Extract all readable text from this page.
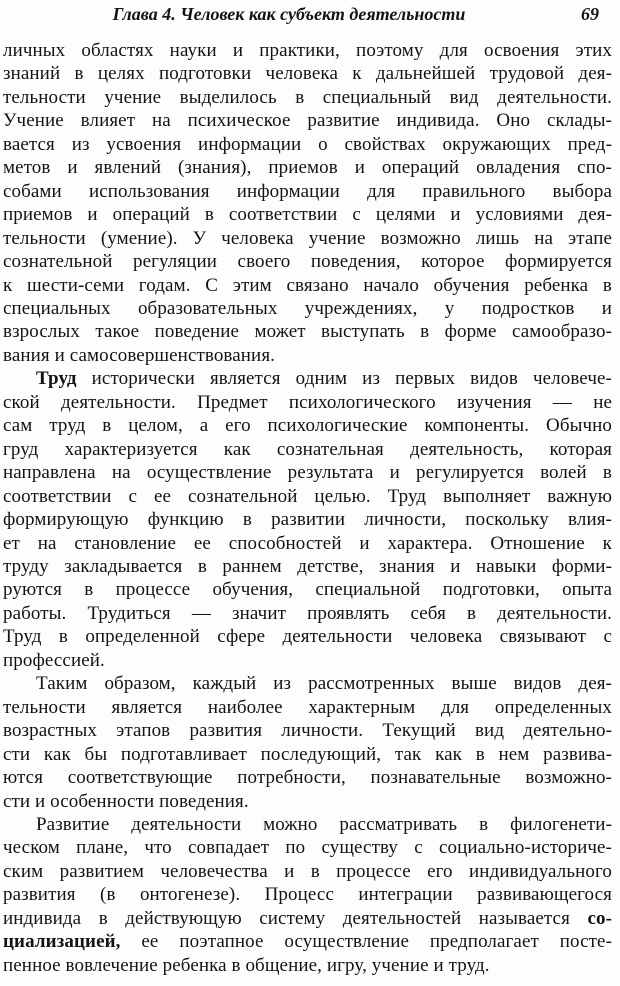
Глава 4. Человек как субъект деятельности	69
личных областях науки и практики, поэтому для освоения этих
знаний в целях подготовки человека к дальнейшей трудовой дея-
тельности учение выделилось в специальный вид деятельности.
Учение влияет на психическое развитие индивида. Оно склады-
вается из усвоения информации о свойствах окружающих пред-
метов и явлений (знания), приемов и операций овладения спо-
собами использования информации для правильного выбора
приемов и операций в соответствии с целями и условиями дея-
тельности (умение). У человека учение возможно лишь на этапе
сознательной регуляции своего поведения, которое формируется
к шести-семи годам. С этим связано начало обучения ребенка в
специальных образовательных учреждениях, у подростков и
взрослых такое поведение может выступать в форме самообразо-
вания и самосовершенствования.
Труд исторически является одним из первых видов человече-
ской деятельности. Предмет психологического изучения — не
сам труд в целом, а его психологические компоненты. Обычно
груд характеризуется как сознательная деятельность, которая
направлена на осуществление результата и регулируется волей в
соответствии с ее сознательной целью. Труд выполняет важную
формирующую функцию в развитии личности, поскольку влия-
ет на становление ее способностей и характера. Отношение к
труду закладывается в раннем детстве, знания и навыки форми-
руются в процессе обучения, специальной подготовки, опыта
работы. Трудиться — значит проявлять себя в деятельности.
Труд в определенной сфере деятельности человека связывают с
профессией.
Таким образом, каждый из рассмотренных выше видов дея-
тельности является наиболее характерным для определенных
возрастных этапов развития личности. Текущий вид деятельно-
сти как бы подготавливает последующий, так как в нем развива-
ются соответствующие потребности, познавательные возможно-
сти и особенности поведения.
Развитие деятельности можно рассматривать в филогенети-
ческом плане, что совпадает по существу с социально-историче-
ским развитием человечества и в процессе его индивидуального
развития (в онтогенезе). Процесс интеграции развивающегося
индивида в действующую систему деятельностей называется со-
циализацией, ее поэтапное осуществление предполагает посте-
пенное вовлечение ребенка в общение, игру, учение и труд.
